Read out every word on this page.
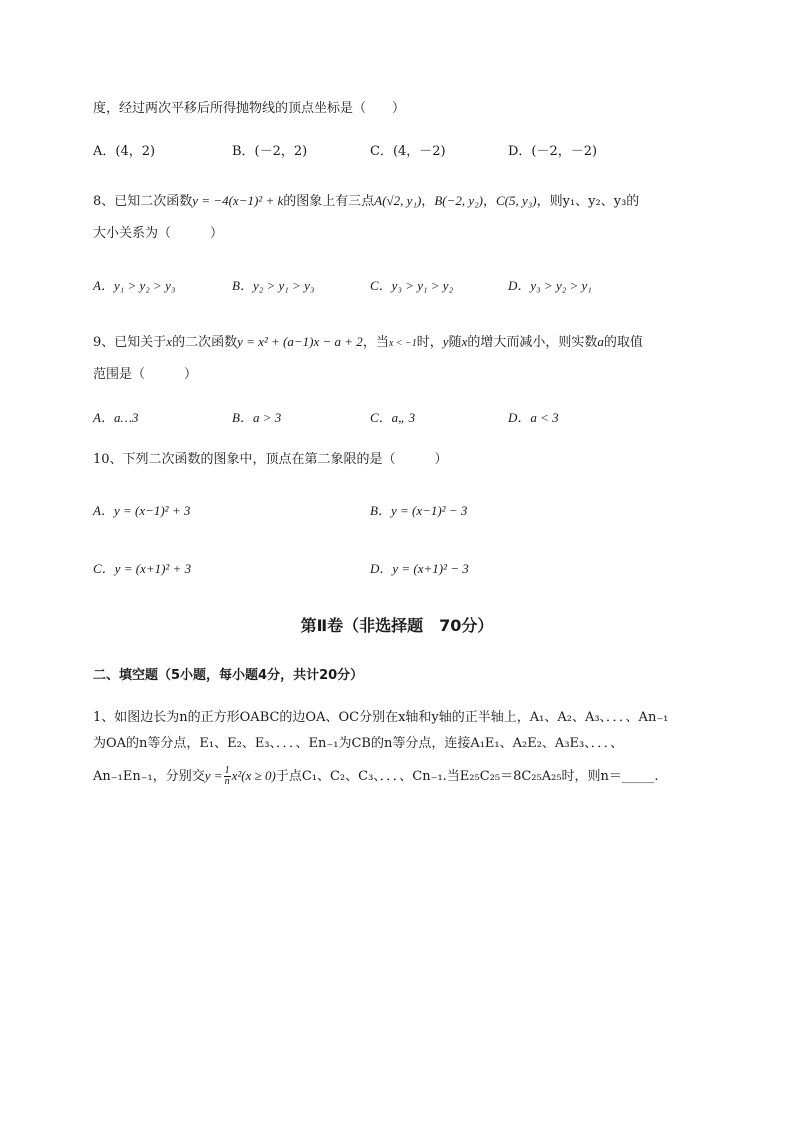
度，经过两次平移后所得抛物线的顶点坐标是（　　）
A．(4，2)	B．(－2，2)	C．(4，－2)	D．(－2，－2)
8、已知二次函数y = −4(x−1)² + k的图象上有三点A(√2, y₁)，B(−2, y₂)，C(5, y₃)，则y₁、y₂、y₃的
大小关系为（　　　）
A．y₁ > y₂ > y₃	B．y₂ > y₁ > y₃	C．y₃ > y₁ > y₂	D．y₃ > y₂ > y₁
9、已知关于x的二次函数y = x² + (a−1)x − a + 2，当x < −1时，y随x的增大而减小，则实数a的取值
范围是（　　　）
A．a…3	B．a > 3	C．a„ 3	D．a < 3
10、下列二次函数的图象中，顶点在第二象限的是（　　　）
A．y = (x−1)² + 3	B．y = (x−1)² − 3
C．y = (x+1)² + 3	D．y = (x+1)² − 3
第Ⅱ卷（非选择题　70分）
二、填空题（5小题，每小题4分，共计20分）
1、如图边长为n的正方形OABC的边OA、OC分别在x轴和y轴的正半轴上，A₁、A₂、A₃、．．．、An₋₁
为OA的n等分点，E₁、E₂、E₃、．．．、En₋₁为CB的n等分点，连接A₁E₁、A₂E₂、A₃E₃、．．．、
An₋₁En₋₁，分别交$y = \frac{1}{n} x^2(x \ge 0)$于点C₁、C₂、C₃、．．．、Cn₋₁.当E₂₅C₂₅＝8C₂₅A₂₅时，则n＝_____.
